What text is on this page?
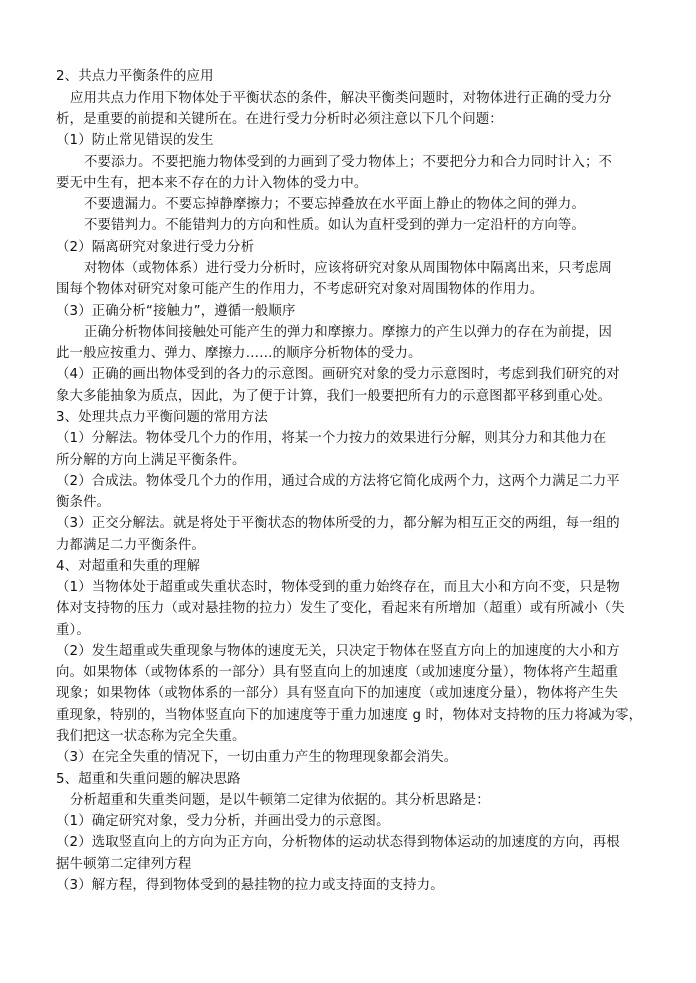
2、共点力平衡条件的应用
应用共点力作用下物体处于平衡状态的条件，解决平衡类问题时，对物体进行正确的受力分
析，是重要的前提和关键所在。在进行受力分析时必须注意以下几个问题：
（1）防止常见错误的发生
不要添力。不要把施力物体受到的力画到了受力物体上；不要把分力和合力同时计入；不
要无中生有，把本来不存在的力计入物体的受力中。
不要遗漏力。不要忘掉静摩擦力；不要忘掉叠放在水平面上静止的物体之间的弹力。
不要错判力。不能错判力的方向和性质。如认为直杆受到的弹力一定沿杆的方向等。
（2）隔离研究对象进行受力分析
对物体（或物体系）进行受力分析时，应该将研究对象从周围物体中隔离出来，只考虑周
围每个物体对研究对象可能产生的作用力，不考虑研究对象对周围物体的作用力。
（3）正确分析“接触力”，遵循一般顺序
正确分析物体间接触处可能产生的弹力和摩擦力。摩擦力的产生以弹力的存在为前提，因
此一般应按重力、弹力、摩擦力……的顺序分析物体的受力。
（4）正确的画出物体受到的各力的示意图。画研究对象的受力示意图时，考虑到我们研究的对
象大多能抽象为质点，因此，为了便于计算，我们一般要把所有力的示意图都平移到重心处。
3、处理共点力平衡问题的常用方法
（1）分解法。物体受几个力的作用，将某一个力按力的效果进行分解，则其分力和其他力在
所分解的方向上满足平衡条件。
（2）合成法。物体受几个力的作用，通过合成的方法将它简化成两个力，这两个力满足二力平
衡条件。
（3）正交分解法。就是将处于平衡状态的物体所受的力，都分解为相互正交的两组，每一组的
力都满足二力平衡条件。
4、对超重和失重的理解
（1）当物体处于超重或失重状态时，物体受到的重力始终存在，而且大小和方向不变，只是物
体对支持物的压力（或对悬挂物的拉力）发生了变化，看起来有所增加（超重）或有所减小（失
重）。
（2）发生超重或失重现象与物体的速度无关，只决定于物体在竖直方向上的加速度的大小和方
向。如果物体（或物体系的一部分）具有竖直向上的加速度（或加速度分量），物体将产生超重
现象；如果物体（或物体系的一部分）具有竖直向下的加速度（或加速度分量），物体将产生失
重现象，特别的，当物体竖直向下的加速度等于重力加速度 g 时，物体对支持物的压力将减为零，
我们把这一状态称为完全失重。
（3）在完全失重的情况下，一切由重力产生的物理现象都会消失。
5、超重和失重问题的解决思路
分析超重和失重类问题，是以牛顿第二定律为依据的。其分析思路是：
（1）确定研究对象，受力分析，并画出受力的示意图。
（2）选取竖直向上的方向为正方向，分析物体的运动状态得到物体运动的加速度的方向，再根
据牛顿第二定律列方程
（3）解方程，得到物体受到的悬挂物的拉力或支持面的支持力。
